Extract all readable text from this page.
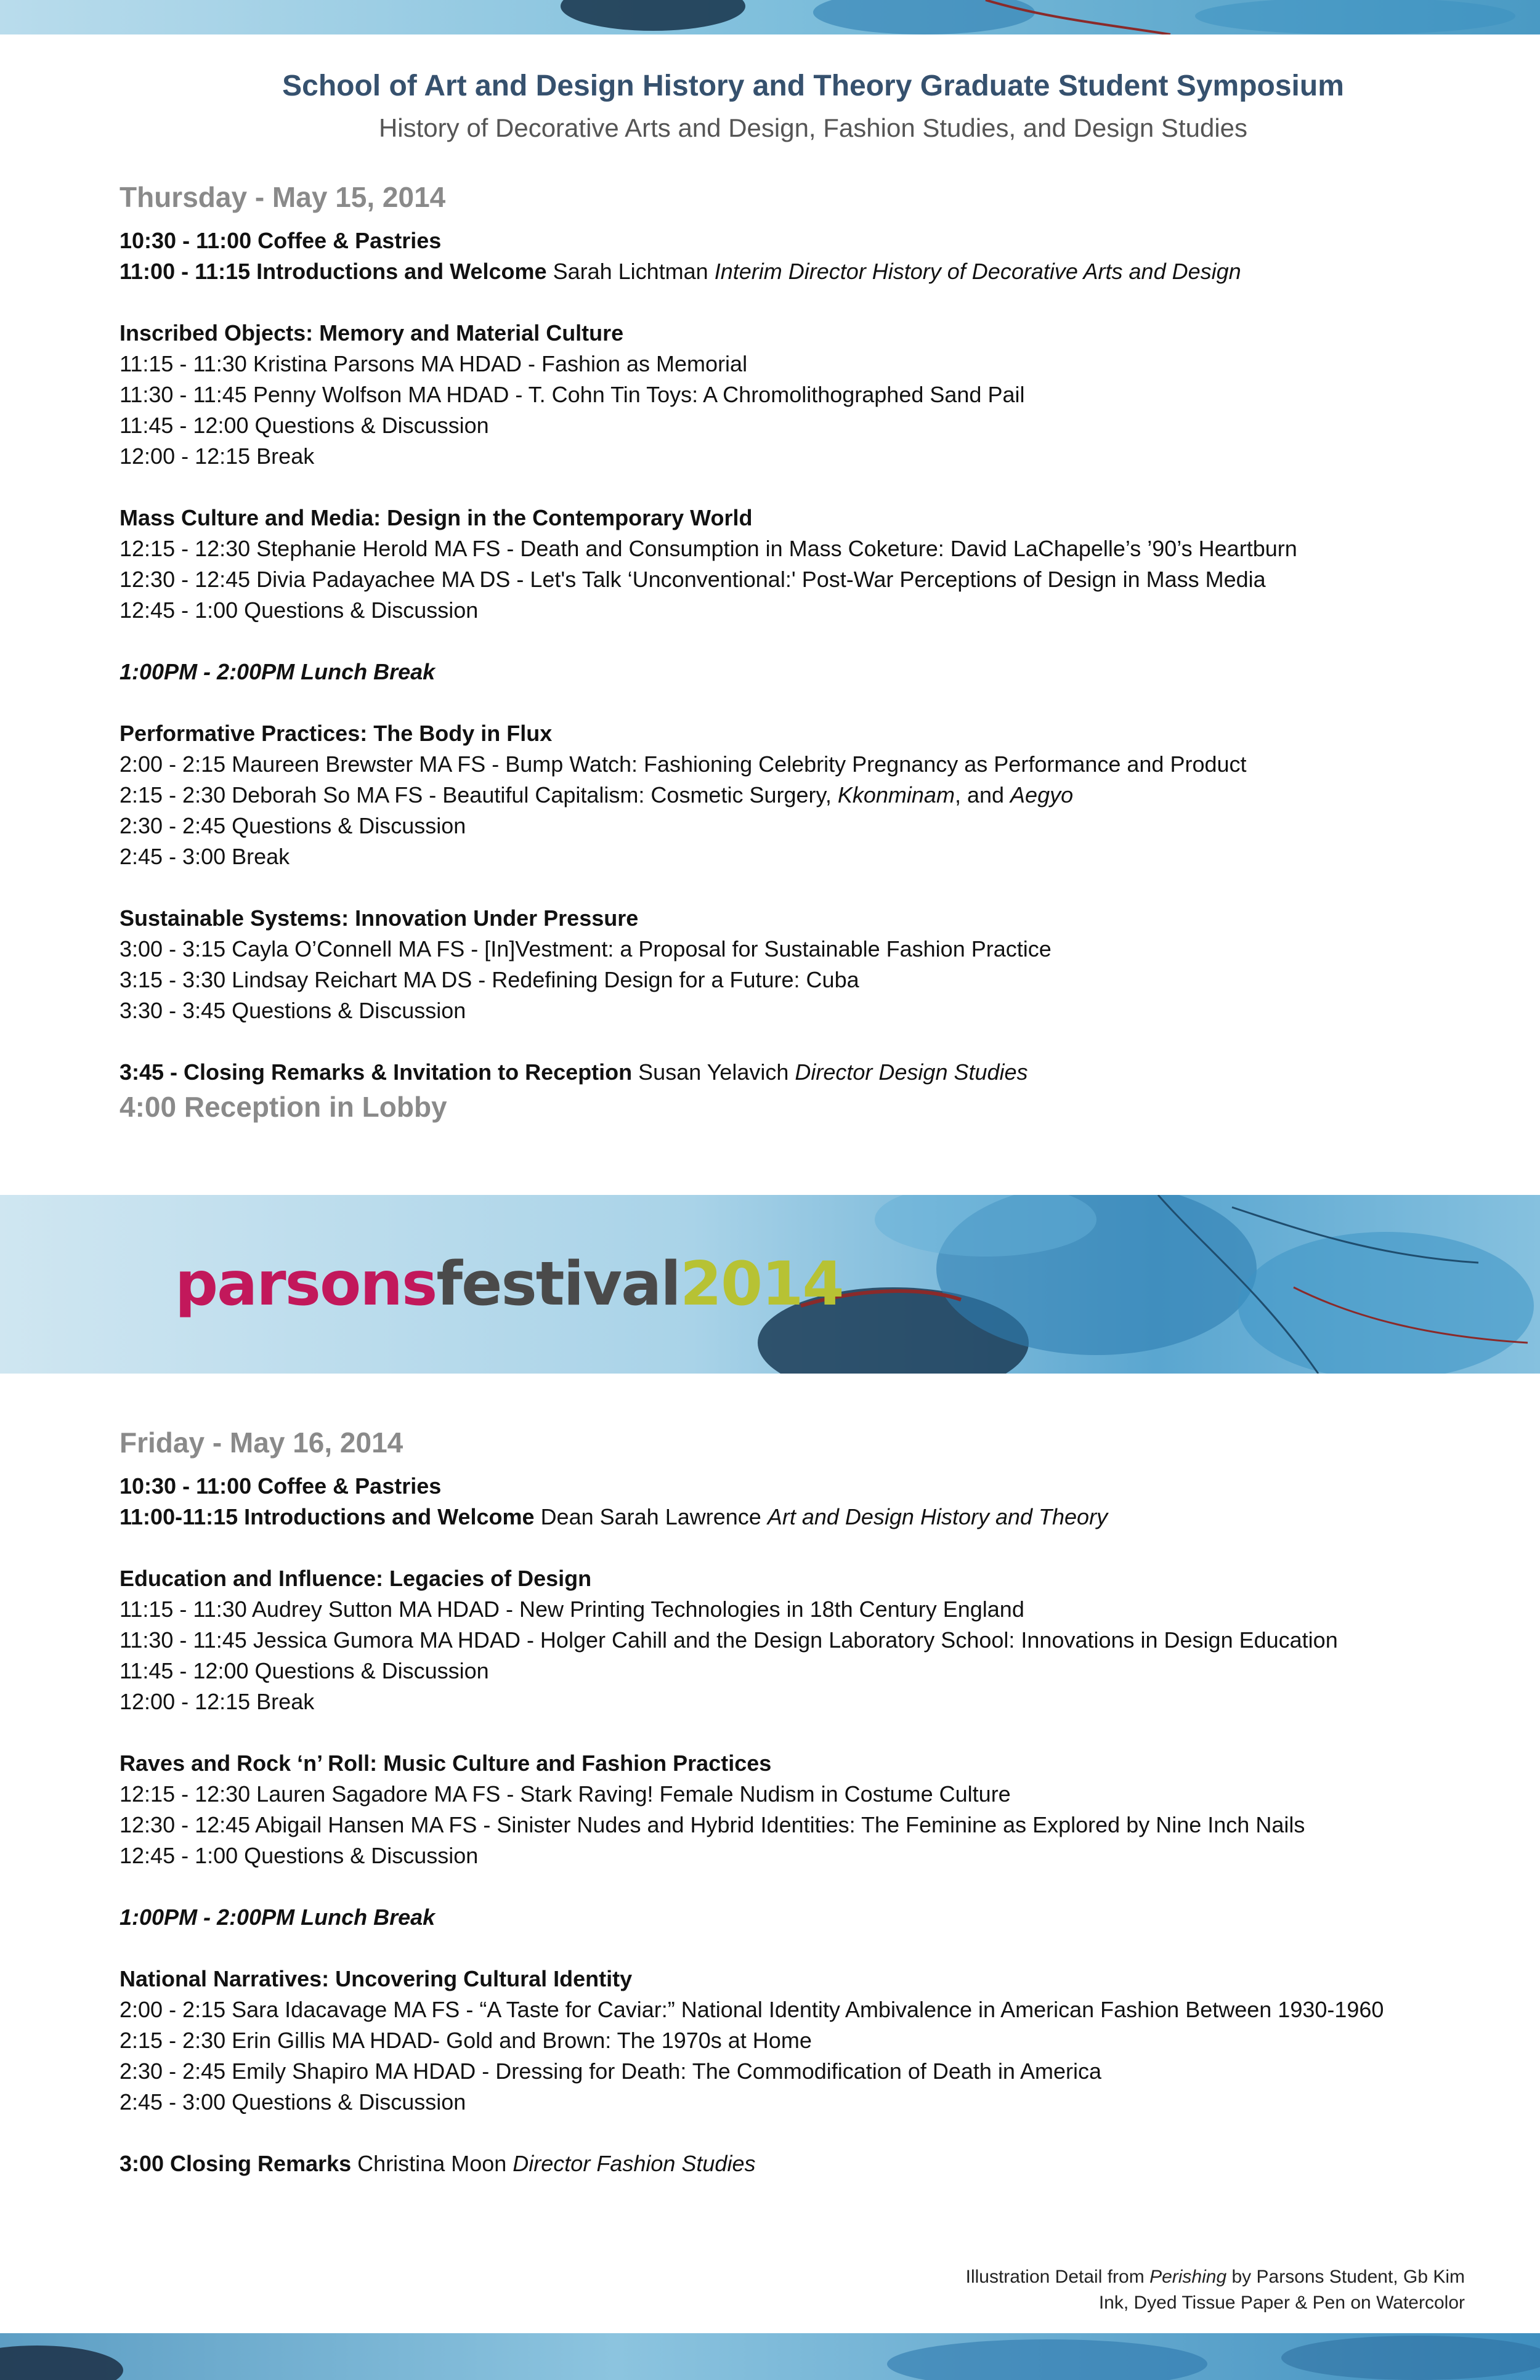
School of Art and Design History and Theory Graduate Student Symposium
History of Decorative Arts and Design, Fashion Studies, and Design Studies
Thursday - May 15, 2014

10:30 - 11:00 Coffee & Pastries

11:00 - 11:15 Introductions and Welcome Sarah Lichtman Interim Director History of Decorative Arts and Design

Inscribed Objects: Memory and Material Culture

11:15 - 11:30 Kristina Parsons MA HDAD - Fashion as Memorial

11:30 - 11:45 Penny Wolfson MA HDAD - T. Cohn Tin Toys: A Chromolithographed Sand Pail

11:45 - 12:00 Questions & Discussion

12:00 - 12:15 Break

Mass Culture and Media: Design in the Contemporary World

12:15 - 12:30 Stephanie Herold MA FS - Death and Consumption in Mass Coketure: David LaChapelle’s ’90’s Heartburn

12:30 - 12:45 Divia Padayachee MA DS - Let's Talk ‘Unconventional:' Post-War Perceptions of Design in Mass Media

12:45 - 1:00 Questions & Discussion

1:00PM - 2:00PM Lunch Break

Performative Practices: The Body in Flux

2:00 - 2:15 Maureen Brewster MA FS - Bump Watch: Fashioning Celebrity Pregnancy as Performance and Product

2:15 - 2:30 Deborah So MA FS - Beautiful Capitalism: Cosmetic Surgery, Kkonminam, and Aegyo

2:30 - 2:45 Questions & Discussion

2:45 - 3:00 Break

Sustainable Systems: Innovation Under Pressure

3:00 - 3:15 Cayla O’Connell MA FS - [In]Vestment: a Proposal for Sustainable Fashion Practice

3:15 - 3:30 Lindsay Reichart MA DS - Redefining Design for a Future: Cuba

3:30 - 3:45 Questions & Discussion

3:45 - Closing Remarks & Invitation to Reception Susan Yelavich Director Design Studies

4:00 Reception in Lobby
parsonsfestival2014
Friday - May 16, 2014

10:30 - 11:00 Coffee & Pastries

11:00-11:15 Introductions and Welcome Dean Sarah Lawrence Art and Design History and Theory

Education and Influence: Legacies of Design

11:15 - 11:30 Audrey Sutton MA HDAD - New Printing Technologies in 18th Century England

11:30 - 11:45 Jessica Gumora MA HDAD - Holger Cahill and the Design Laboratory School: Innovations in Design Education

11:45 - 12:00 Questions & Discussion

12:00 - 12:15 Break

Raves and Rock ‘n’ Roll: Music Culture and Fashion Practices

12:15 - 12:30 Lauren Sagadore MA FS - Stark Raving! Female Nudism in Costume Culture

12:30 - 12:45 Abigail Hansen MA FS - Sinister Nudes and Hybrid Identities: The Feminine as Explored by Nine Inch Nails

12:45 - 1:00 Questions & Discussion

1:00PM - 2:00PM Lunch Break

National Narratives: Uncovering Cultural Identity

2:00 - 2:15 Sara Idacavage MA FS - “A Taste for Caviar:” National Identity Ambivalence in American Fashion Between 1930-1960

2:15 - 2:30 Erin Gillis MA HDAD- Gold and Brown: The 1970s at Home

2:30 - 2:45 Emily Shapiro MA HDAD - Dressing for Death: The Commodification of Death in America

2:45 - 3:00 Questions & Discussion

3:00 Closing Remarks Christina Moon Director Fashion Studies

Illustration Detail from Perishing by Parsons Student, Gb Kim
Ink, Dyed Tissue Paper & Pen on Watercolor
